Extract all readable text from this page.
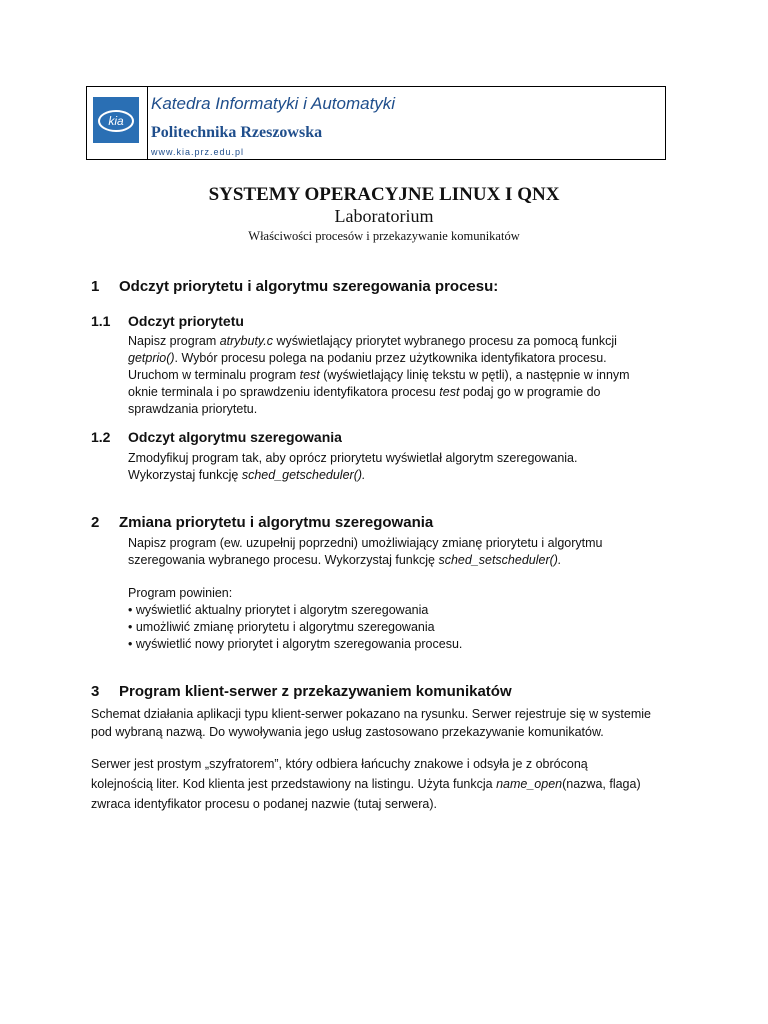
kia
Katedra Informatyki i Automatyki
Politechnika Rzeszowska
www.kia.prz.edu.pl
SYSTEMY OPERACYJNE LINUX I QNX
Laboratorium
Właściwości procesów i przekazywanie komunikatów
1 Odczyt priorytetu i algorytmu szeregowania procesu:
1.1 Odczyt priorytetu
Napisz program atrybuty.c wyświetlający priorytet wybranego procesu za pomocą funkcji
getprio(). Wybór procesu polega na podaniu przez użytkownika identyfikatora procesu.
Uruchom w terminalu program test (wyświetlający linię tekstu w pętli), a następnie w innym
oknie terminala i po sprawdzeniu identyfikatora procesu test podaj go w programie do
sprawdzania priorytetu.
1.2 Odczyt algorytmu szeregowania
Zmodyfikuj program tak, aby oprócz priorytetu wyświetlał algorytm szeregowania.
Wykorzystaj funkcję sched_getscheduler().
2 Zmiana priorytetu i algorytmu szeregowania
Napisz program (ew. uzupełnij poprzedni) umożliwiający zmianę priorytetu i algorytmu
szeregowania wybranego procesu. Wykorzystaj funkcję sched_setscheduler().
Program powinien:
• wyświetlić aktualny priorytet i algorytm szeregowania
• umożliwić zmianę priorytetu i algorytmu szeregowania
• wyświetlić nowy priorytet i algorytm szeregowania procesu.
3 Program klient-serwer z przekazywaniem komunikatów
Schemat działania aplikacji typu klient-serwer pokazano na rysunku. Serwer rejestruje się w systemie
pod wybraną nazwą. Do wywoływania jego usług zastosowano przekazywanie komunikatów.
Serwer jest prostym „szyfratorem”, który odbiera łańcuchy znakowe i odsyła je z obróconą
kolejnością liter. Kod klienta jest przedstawiony na listingu. Użyta funkcja name_open(nazwa, flaga)
zwraca identyfikator procesu o podanej nazwie (tutaj serwera).
